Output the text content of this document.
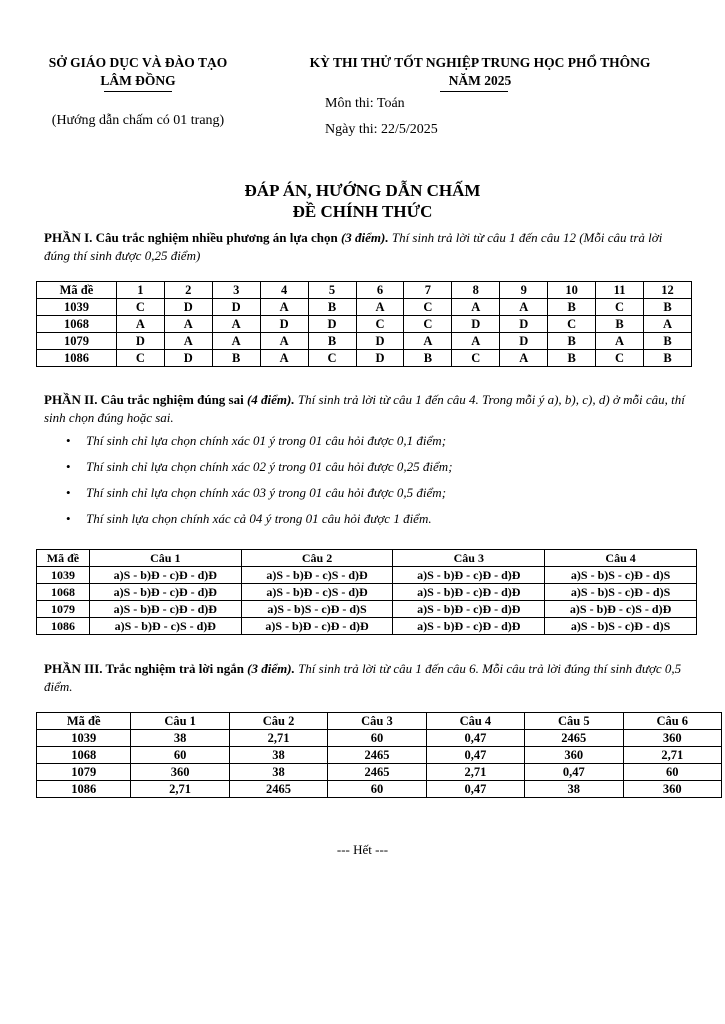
SỞ GIÁO DỤC VÀ ĐÀO TẠO
LÂM ĐỒNG
(Hướng dẫn chấm có 01 trang)
KỲ THI THỬ TỐT NGHIỆP TRUNG HỌC PHỔ THÔNG
NĂM 2025
Môn thi: Toán
Ngày thi: 22/5/2025
ĐÁP ÁN, HƯỚNG DẪN CHẤM
ĐỀ CHÍNH THỨC
PHẦN I. Câu trắc nghiệm nhiều phương án lựa chọn (3 điểm). Thí sinh trả lời từ câu 1 đến câu 12 (Mỗi câu trả lời đúng thí sinh được 0,25 điểm)
Mã đề	1	2	3	4	5	6	7	8	9	10	11	12
1039	C	D	D	A	B	A	C	A	A	B	C	B
1068	A	A	A	D	D	C	C	D	D	C	B	A
1079	D	A	A	A	B	D	A	A	D	B	A	B
1086	C	D	B	A	C	D	B	C	A	B	C	B
PHẦN II. Câu trắc nghiệm đúng sai (4 điểm). Thí sinh trả lời từ câu 1 đến câu 4. Trong mỗi ý a), b), c), d) ở mỗi câu, thí sinh chọn đúng hoặc sai.
• Thí sinh chỉ lựa chọn chính xác 01 ý trong 01 câu hỏi được 0,1 điểm;
• Thí sinh chỉ lựa chọn chính xác 02 ý trong 01 câu hỏi được 0,25 điểm;
• Thí sinh chỉ lựa chọn chính xác 03 ý trong 01 câu hỏi được 0,5 điểm;
• Thí sinh lựa chọn chính xác cả 04 ý trong 01 câu hỏi được 1 điểm.
Mã đề	Câu 1	Câu 2	Câu 3	Câu 4
1039	a)S - b)Đ - c)Đ - d)Đ	a)S - b)Đ - c)S - d)Đ	a)S - b)Đ - c)Đ - d)Đ	a)S - b)S - c)Đ - d)S
1068	a)S - b)Đ - c)Đ - d)Đ	a)S - b)Đ - c)S - d)Đ	a)S - b)Đ - c)Đ - d)Đ	a)S - b)S - c)Đ - d)S
1079	a)S - b)Đ - c)Đ - d)Đ	a)S - b)S - c)Đ - d)S	a)S - b)Đ - c)Đ - d)Đ	a)S - b)Đ - c)S - d)Đ
1086	a)S - b)Đ - c)S - d)Đ	a)S - b)Đ - c)Đ - d)Đ	a)S - b)Đ - c)Đ - d)Đ	a)S - b)S - c)Đ - d)S
PHẦN III. Trắc nghiệm trả lời ngắn (3 điểm). Thí sinh trả lời từ câu 1 đến câu 6. Mỗi câu trả lời đúng thí sinh được 0,5 điểm.
Mã đề	Câu 1	Câu 2	Câu 3	Câu 4	Câu 5	Câu 6
1039	38	2,71	60	0,47	2465	360
1068	60	38	2465	0,47	360	2,71
1079	360	38	2465	2,71	0,47	60
1086	2,71	2465	60	0,47	38	360
--- Hết ---
